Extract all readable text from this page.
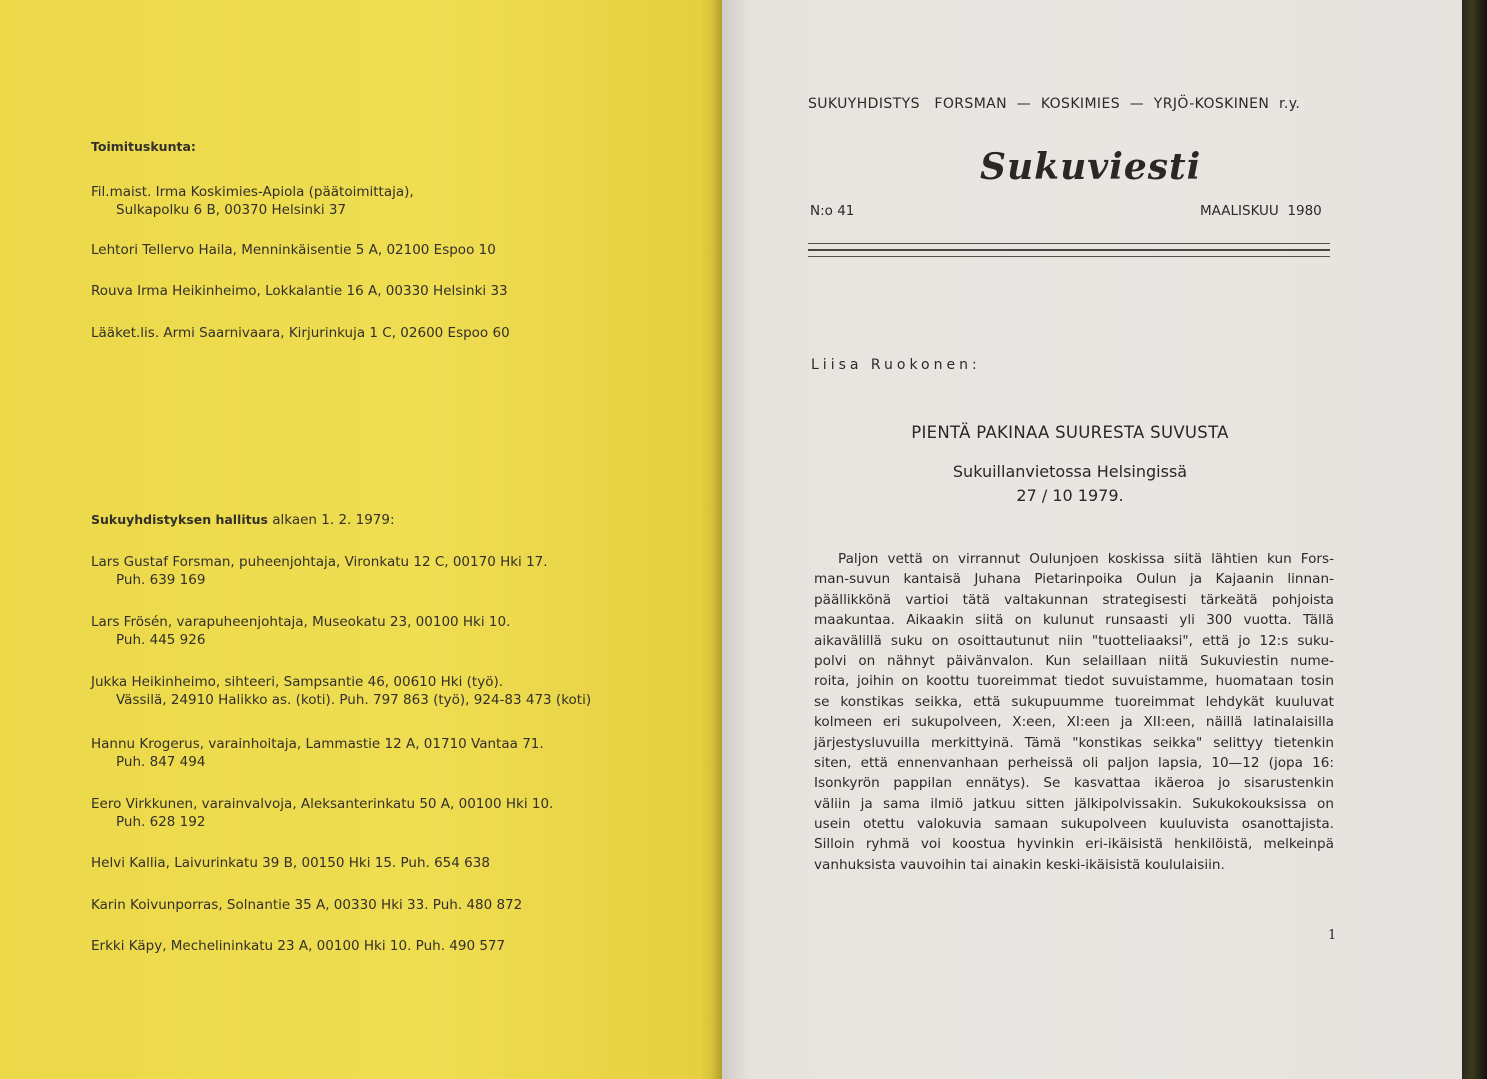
Toimituskunta:
Fil.maist. Irma Koskimies-Apiola (päätoimittaja),
Sulkapolku 6 B, 00370 Helsinki 37
Lehtori Tellervo Haila, Menninkäisentie 5 A, 02100 Espoo 10
Rouva Irma Heikinheimo, Lokkalantie 16 A, 00330 Helsinki 33
Lääket.lis. Armi Saarnivaara, Kirjurinkuja 1 C, 02600 Espoo 60
Sukuyhdistyksen hallitus alkaen 1. 2. 1979:
Lars Gustaf Forsman, puheenjohtaja, Vironkatu 12 C, 00170 Hki 17.
Puh. 639 169
Lars Frösén, varapuheenjohtaja, Museokatu 23, 00100 Hki 10.
Puh. 445 926
Jukka Heikinheimo, sihteeri, Sampsantie 46, 00610 Hki (työ).
Vässilä, 24910 Halikko as. (koti). Puh. 797 863 (työ), 924-83 473 (koti)
Hannu Krogerus, varainhoitaja, Lammastie 12 A, 01710 Vantaa 71.
Puh. 847 494
Eero Virkkunen, varainvalvoja, Aleksanterinkatu 50 A, 00100 Hki 10.
Puh. 628 192
Helvi Kallia, Laivurinkatu 39 B, 00150 Hki 15. Puh. 654 638
Karin Koivunporras, Solnantie 35 A, 00330 Hki 33. Puh. 480 872
Erkki Käpy, Mechelininkatu 23 A, 00100 Hki 10. Puh. 490 577
SUKUYHDISTYS   FORSMAN  —  KOSKIMIES  —  YRJÖ-KOSKINEN  r.y.
Sukuviesti
N:o 41	MAALISKUU  1980
Liisa Ruokonen:
PIENTÄ PAKINAA SUURESTA SUVUSTA
Sukuillanvietossa Helsingissä
27 / 10 1979.
Paljon vettä on virrannut Oulunjoen koskissa siitä lähtien kun Fors-
man-suvun kantaisä Juhana Pietarinpoika Oulun ja Kajaanin linnan-
päällikkönä vartioi tätä valtakunnan strategisesti tärkeätä pohjoista
maakuntaa. Aikaakin siitä on kulunut runsaasti yli 300 vuotta. Tällä
aikavälillä suku on osoittautunut niin "tuotteliaaksi", että jo 12:s suku-
polvi on nähnyt päivänvalon. Kun selaillaan niitä Sukuviestin nume-
roita, joihin on koottu tuoreimmat tiedot suvuistamme, huomataan tosin
se konstikas seikka, että sukupuumme tuoreimmat lehdykät kuuluvat
kolmeen eri sukupolveen, X:een, XI:een ja XII:een, näillä latinalaisilla
järjestysluvuilla merkittyinä. Tämä "konstikas seikka" selittyy tietenkin
siten, että ennenvanhaan perheissä oli paljon lapsia, 10—12 (jopa 16:
Isonkyrön pappilan ennätys). Se kasvattaa ikäeroa jo sisarustenkin
väliin ja sama ilmiö jatkuu sitten jälkipolvissakin. Sukukokouksissa on
usein otettu valokuvia samaan sukupolveen kuuluvista osanottajista.
Silloin ryhmä voi koostua hyvinkin eri-ikäisistä henkilöistä, melkeinpä
vanhuksista vauvoihin tai ainakin keski-ikäisistä koululaisiin.
1
